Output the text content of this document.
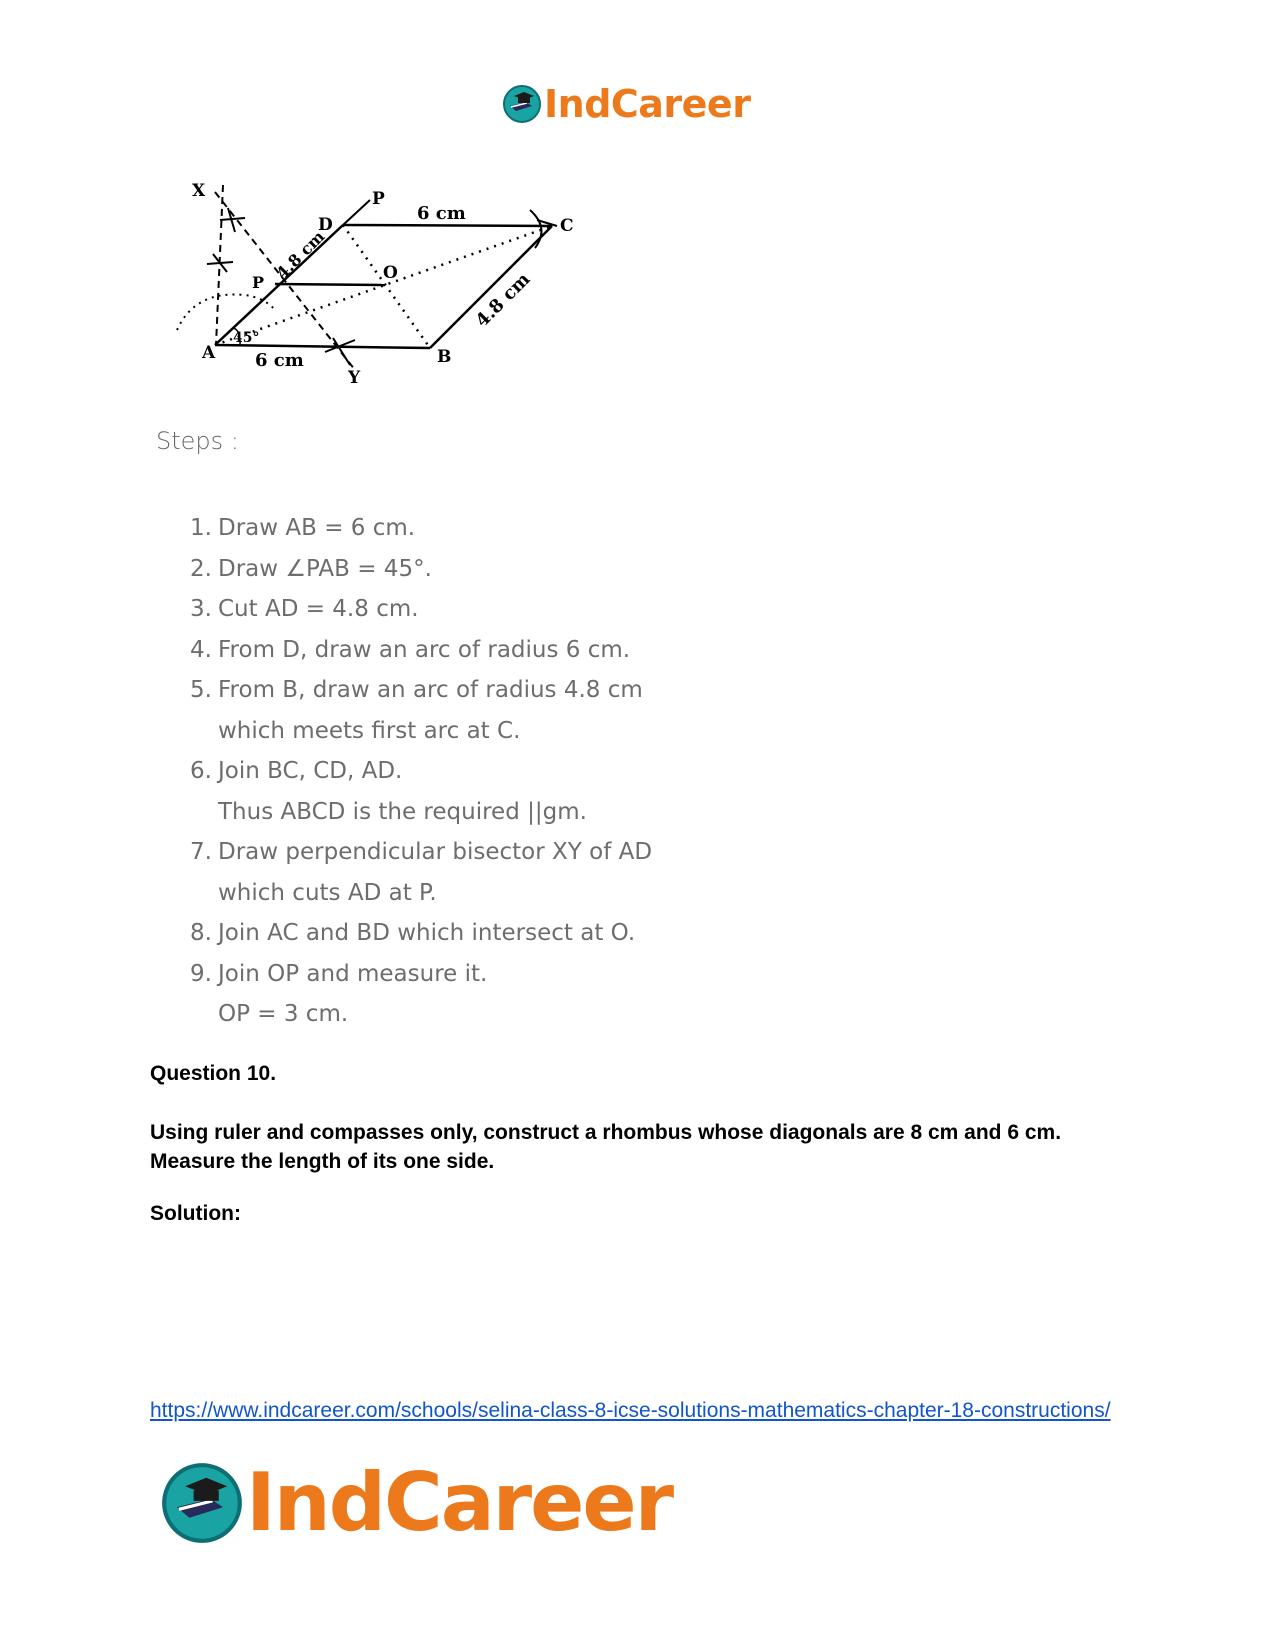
IndCareer
X	P
D	C
6 cm
4.8 cm	O
P	4.8 cm
45°
A 6 cm	B
Y
Steps :
1. Draw AB = 6 cm.
2. Draw ∠PAB = 45°.
3. Cut AD = 4.8 cm.
4. From D, draw an arc of radius 6 cm.
5. From B, draw an arc of radius 4.8 cm
which meets first arc at C.
6. Join BC, CD, AD.
Thus ABCD is the required ||gm.
7. Draw perpendicular bisector XY of AD
which cuts AD at P.
8. Join AC and BD which intersect at O.
9. Join OP and measure it.
OP = 3 cm.
Question 10.
Using ruler and compasses only, construct a rhombus whose diagonals are 8 cm and 6 cm. Measure the length of its one side.
Solution:
https://www.indcareer.com/schools/selina-class-8-icse-solutions-mathematics-chapter-18-constructions/
IndCareer
